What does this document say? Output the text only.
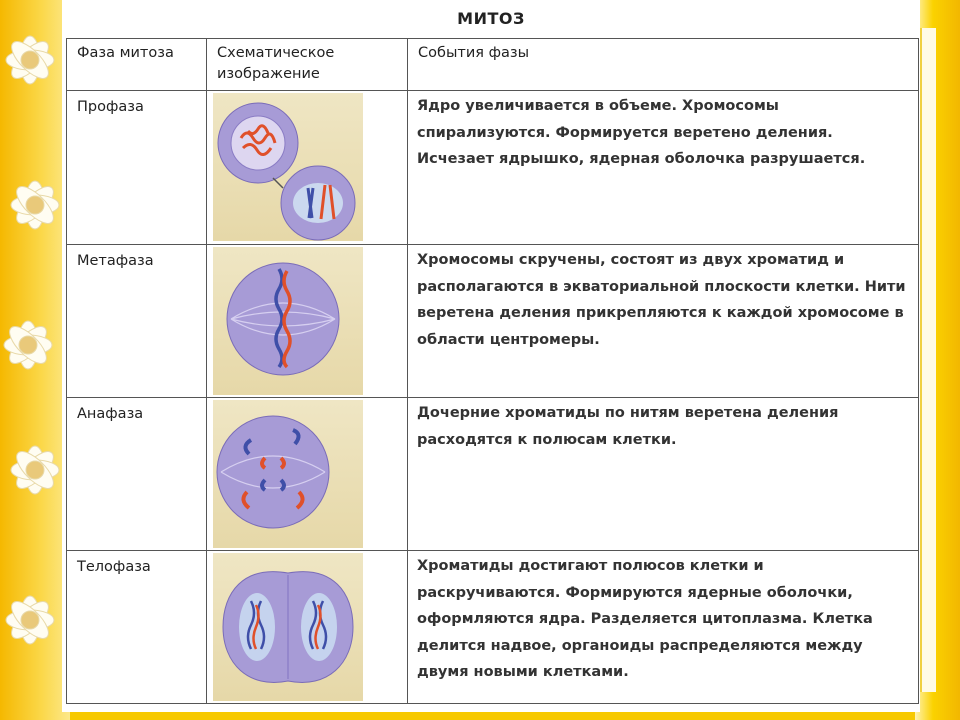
МИТОЗ
Фаза митоза	Схематическое изображение	События фазы

Профаза		Ядро увеличивается в объеме. Хромосомы спирализуются. Формируется веретено деления. Исчезает ядрышко, ядерная оболочка разрушается.

Метафаза		Хромосомы скручены, состоят из двух хроматид и располагаются в экваториальной плоскости клетки. Нити веретена деления прикрепляются к каждой хромосоме в области центромеры.

Анафаза		Дочерние хроматиды по нитям веретена деления расходятся к полюсам клетки.

Телофаза		Хроматиды достигают полюсов клетки и раскручиваются. Формируются ядерные оболочки, оформляются ядра. Разделяется цитоплазма. Клетка делится надвое, органоиды распределяются между двумя новыми клетками.
